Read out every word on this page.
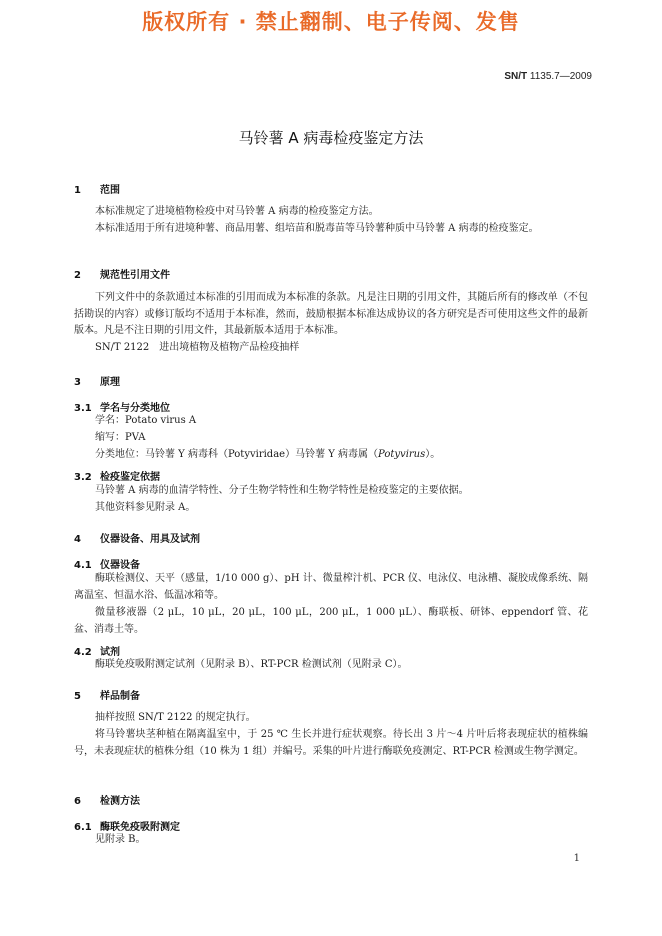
版权所有 · 禁止翻制、电子传阅、发售
SN/T 1135.7—2009
马铃薯 A 病毒检疫鉴定方法
1 范围
本标准规定了进境植物检疫中对马铃薯 A 病毒的检疫鉴定方法。
本标准适用于所有进境种薯、商品用薯、组培苗和脱毒苗等马铃薯种质中马铃薯 A 病毒的检疫鉴定。
2 规范性引用文件
下列文件中的条款通过本标准的引用而成为本标准的条款。凡是注日期的引用文件，其随后所有的修改单（不包括勘误的内容）或修订版均不适用于本标准，然而，鼓励根据本标准达成协议的各方研究是否可使用这些文件的最新版本。凡是不注日期的引用文件，其最新版本适用于本标准。
SN/T 2122　进出境植物及植物产品检疫抽样
3 原理
3.1 学名与分类地位
学名：Potato virus A
缩写：PVA
分类地位：马铃薯 Y 病毒科（Potyviridae）马铃薯 Y 病毒属（Potyvirus）。
3.2 检疫鉴定依据
马铃薯 A 病毒的血清学特性、分子生物学特性和生物学特性是检疫鉴定的主要依据。
其他资料参见附录 A。
4 仪器设备、用具及试剂
4.1 仪器设备
酶联检测仪、天平（感量，1/10 000 g）、pH 计、微量榨汁机、PCR 仪、电泳仪、电泳槽、凝胶成像系统、隔离温室、恒温水浴、低温冰箱等。
微量移液器（2 μL，10 μL，20 μL，100 μL，200 μL，1 000 μL）、酶联板、研钵、eppendorf 管、花盆、消毒土等。
4.2 试剂
酶联免疫吸附测定试剂（见附录 B）、RT-PCR 检测试剂（见附录 C）。
5 样品制备
抽样按照 SN/T 2122 的规定执行。
将马铃薯块茎种植在隔离温室中，于 25 ℃ 生长并进行症状观察。待长出 3 片～4 片叶后将表现症状的植株编号，未表现症状的植株分组（10 株为 1 组）并编号。采集的叶片进行酶联免疫测定、RT-PCR 检测或生物学测定。
6 检测方法
6.1 酶联免疫吸附测定
见附录 B。
1
